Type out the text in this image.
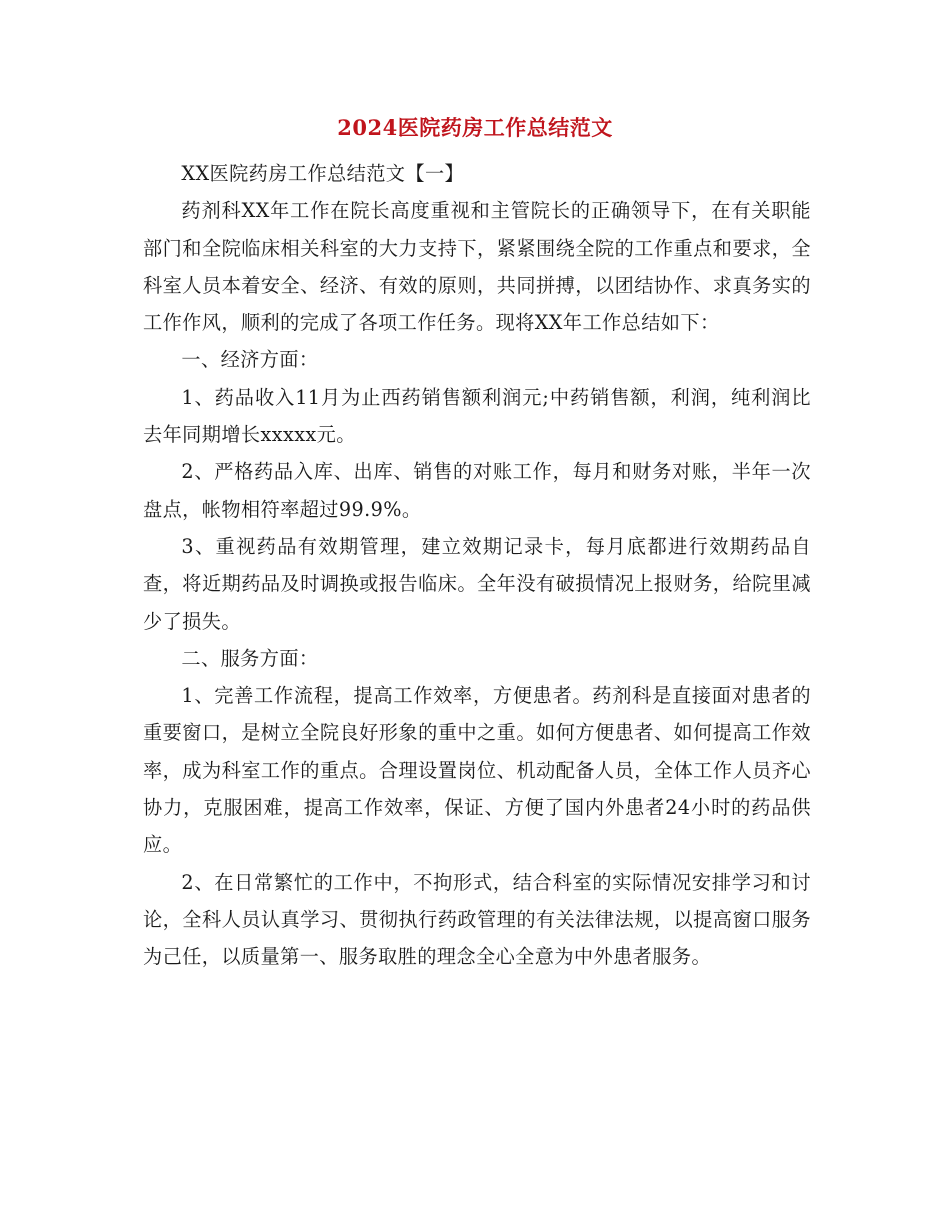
2024医院药房工作总结范文

XX医院药房工作总结范文【一】

药剂科XX年工作在院长高度重视和主管院长的正确领导下，在有关职能部门和全院临床相关科室的大力支持下，紧紧围绕全院的工作重点和要求，全科室人员本着安全、经济、有效的原则，共同拼搏，以团结协作、求真务实的工作作风，顺利的完成了各项工作任务。现将XX年工作总结如下：

一、经济方面：

1、药品收入11月为止西药销售额利润元;中药销售额，利润，纯利润比去年同期增长xxxxx元。

2、严格药品入库、出库、销售的对账工作，每月和财务对账，半年一次盘点，帐物相符率超过99.9%。

3、重视药品有效期管理，建立效期记录卡，每月底都进行效期药品自查，将近期药品及时调换或报告临床。全年没有破损情况上报财务，给院里减少了损失。

二、服务方面：

1、完善工作流程，提高工作效率，方便患者。药剂科是直接面对患者的重要窗口，是树立全院良好形象的重中之重。如何方便患者、如何提高工作效率，成为科室工作的重点。合理设置岗位、机动配备人员，全体工作人员齐心协力，克服困难，提高工作效率，保证、方便了国内外患者24小时的药品供应。

2、在日常繁忙的工作中，不拘形式，结合科室的实际情况安排学习和讨论，全科人员认真学习、贯彻执行药政管理的有关法律法规，以提高窗口服务为己任，以质量第一、服务取胜的理念全心全意为中外患者服务。
